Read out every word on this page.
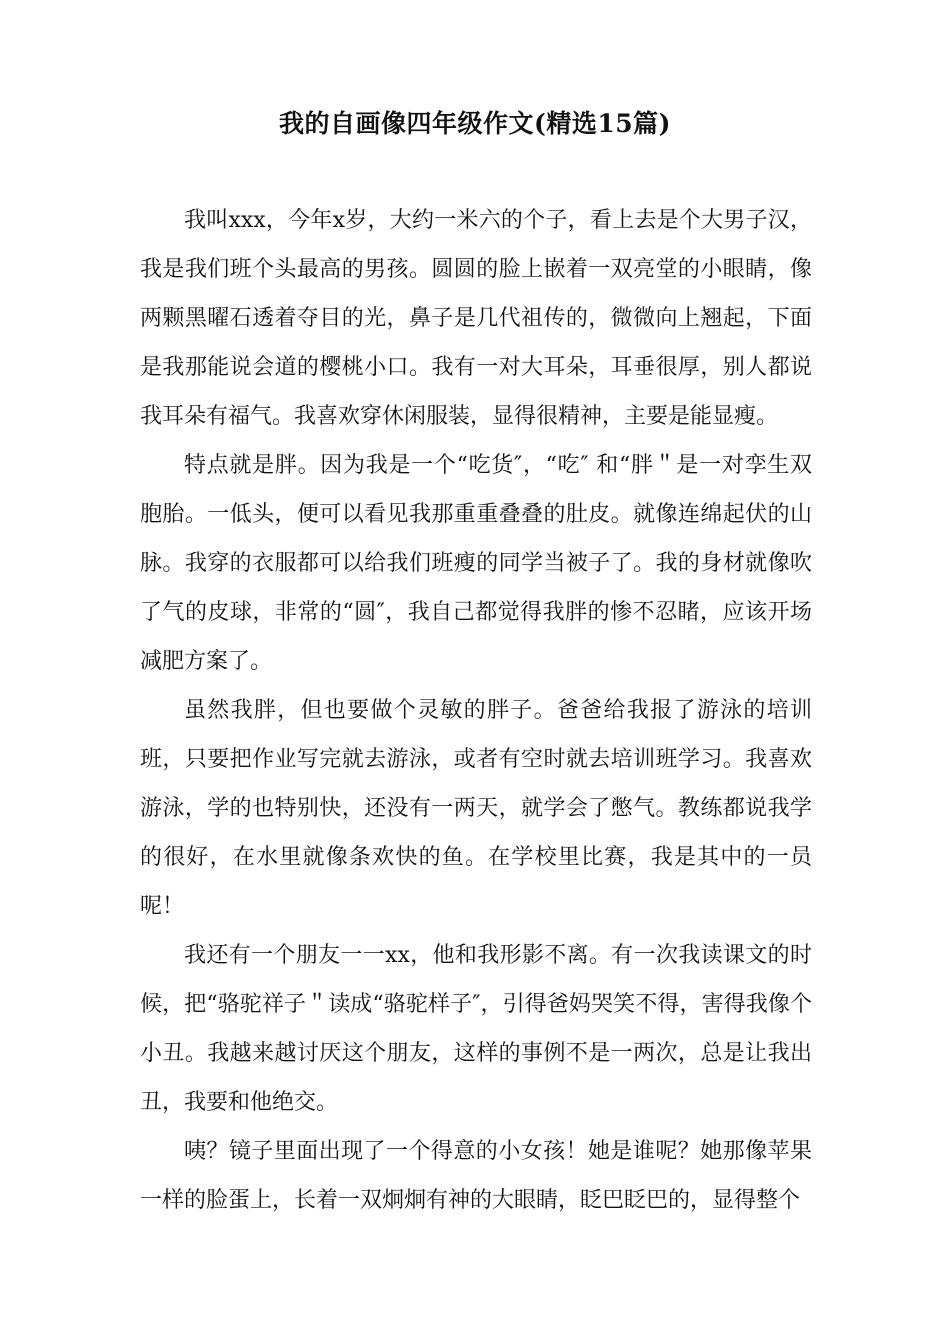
我的自画像四年级作文(精选15篇)

我叫xxx，今年x岁，大约一米六的个子，看上去是个大男子汉，我是我们班个头最高的男孩。圆圆的脸上嵌着一双亮堂的小眼睛，像两颗黑曜石透着夺目的光，鼻子是几代祖传的，微微向上翘起，下面是我那能说会道的樱桃小口。我有一对大耳朵，耳垂很厚，别人都说我耳朵有福气。我喜欢穿休闲服装，显得很精神，主要是能显瘦。

特点就是胖。因为我是一个“吃货″，“吃″ 和“胖＂是一对孪生双胞胎。一低头，便可以看见我那重重叠叠的肚皮。就像连绵起伏的山脉。我穿的衣服都可以给我们班瘦的同学当被子了。我的身材就像吹了气的皮球，非常的“圆″，我自己都觉得我胖的惨不忍睹，应该开场减肥方案了。

虽然我胖，但也要做个灵敏的胖子。爸爸给我报了游泳的培训班，只要把作业写完就去游泳，或者有空时就去培训班学习。我喜欢游泳，学的也特别快，还没有一两天，就学会了憋气。教练都说我学的很好，在水里就像条欢快的鱼。在学校里比赛，我是其中的一员呢！

我还有一个朋友一一xx，他和我形影不离。有一次我读课文的时候，把“骆驼祥子＂读成“骆驼样子″，引得爸妈哭笑不得，害得我像个小丑。我越来越讨厌这个朋友，这样的事例不是一两次，总是让我出丑，我要和他绝交。

咦？镜子里面出现了一个得意的小女孩！她是谁呢？她那像苹果一样的脸蛋上，长着一双炯炯有神的大眼睛，眨巴眨巴的，显得整个
